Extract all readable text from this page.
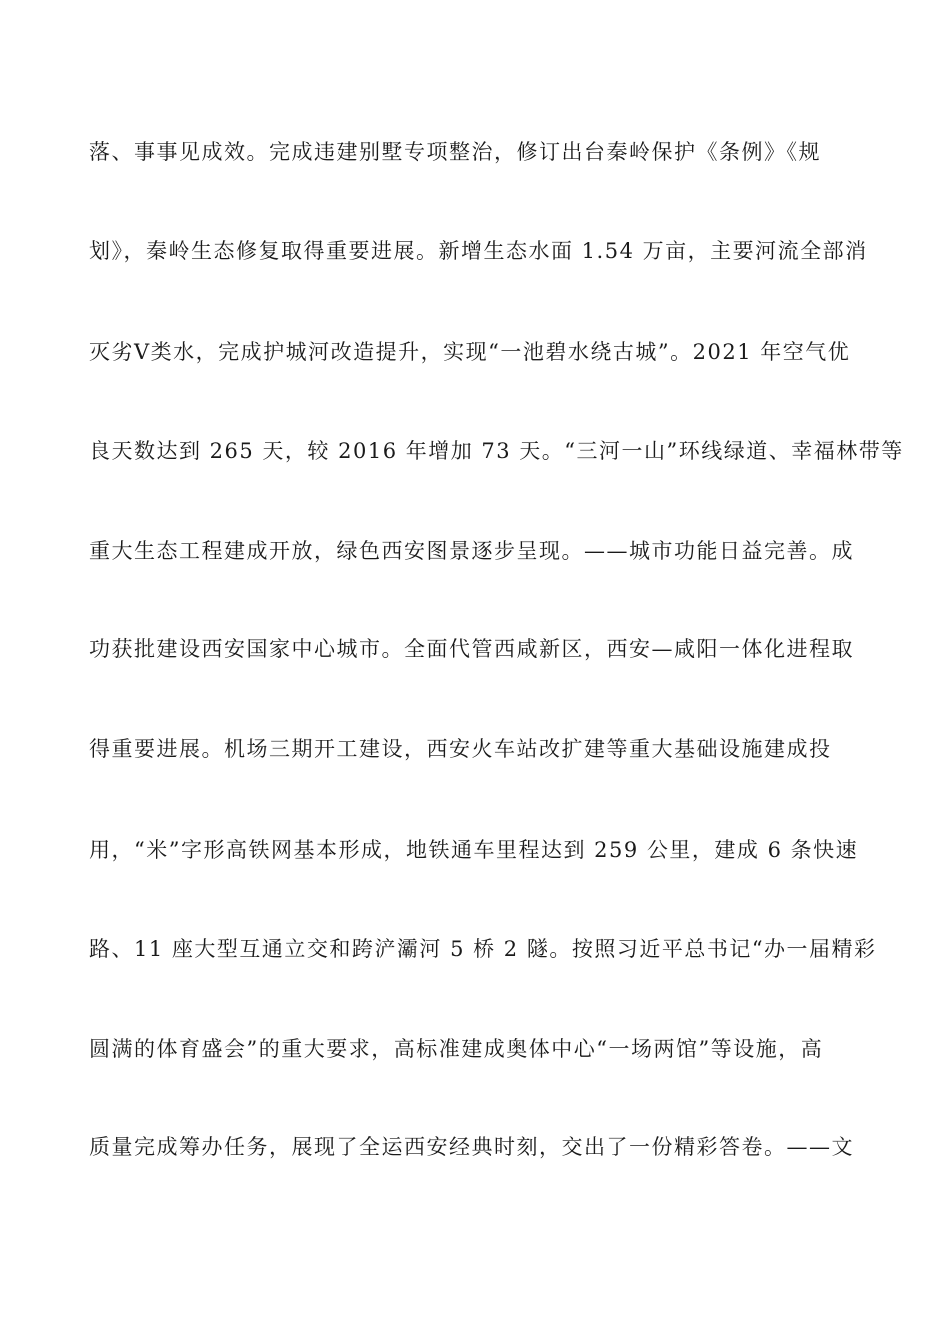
落、事事见成效。完成违建别墅专项整治，修订出台秦岭保护《条例》《规

划》，秦岭生态修复取得重要进展。新增生态水面 1.54 万亩，主要河流全部消

灭劣Ⅴ类水，完成护城河改造提升，实现“一池碧水绕古城”。2021 年空气优

良天数达到 265 天，较 2016 年增加 73 天。“三河一山”环线绿道、幸福林带等

重大生态工程建成开放，绿色西安图景逐步呈现。——城市功能日益完善。成

功获批建设西安国家中心城市。全面代管西咸新区，西安—咸阳一体化进程取

得重要进展。机场三期开工建设，西安火车站改扩建等重大基础设施建成投

用，“米”字形高铁网基本形成，地铁通车里程达到 259 公里，建成 6 条快速

路、11 座大型互通立交和跨浐灞河 5 桥 2 隧。按照习近平总书记“办一届精彩

圆满的体育盛会”的重大要求，高标准建成奥体中心“一场两馆”等设施，高

质量完成筹办任务，展现了全运西安经典时刻，交出了一份精彩答卷。——文
